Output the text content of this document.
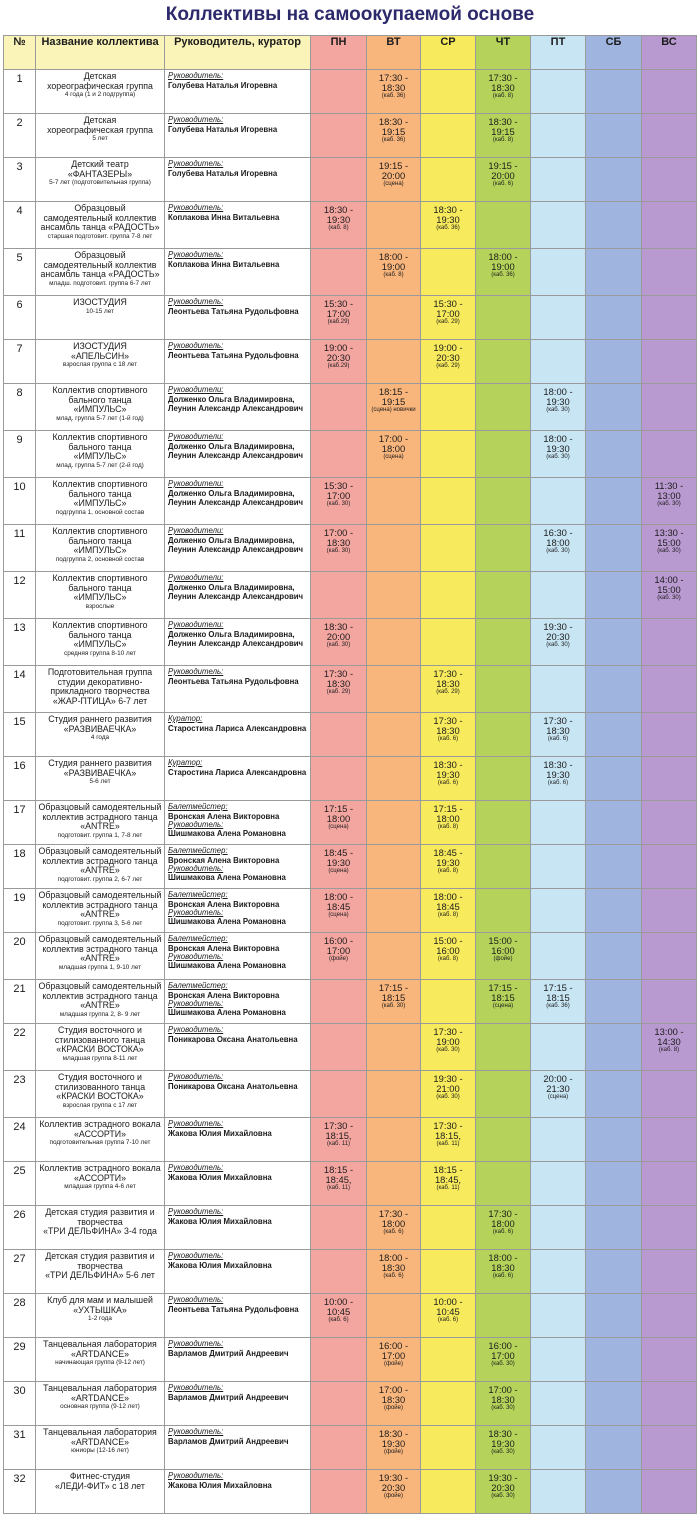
Коллективы на самоокупаемой основе
№	Название коллектива	Руководитель, куратор	ПН	ВТ	СР	ЧТ	ПТ	СБ	ВС
1	Детская
хореографическая группа
4 года (1 и 2 подгруппа)	Руководитель:
Голубева Наталья Игоревна		17:30 -
18:30
(каб. 36)		17:30 -
18:30
(каб. 8)			

2	Детская
хореографическая группа
5 лет	Руководитель:
Голубева Наталья Игоревна		18:30 -
19:15
(каб. 36)		18:30 -
19:15
(каб. 8)			

3	Детский театр
«ФАНТАЗЕРЫ»
5-7 лет (подготовительная группа)	Руководитель:
Голубева Наталья Игоревна		19:15 -
20:00
(сцена)		19:15 -
20:00
(каб. 6)			

4	Образцовый
самодеятельный коллектив
ансамбль танца «РАДОСТЬ»
старшая подготовит. группа 7-8 лет	Руководитель:
Коплакова Инна Витальевна	18:30 -
19:30
(каб. 8)		18:30 -
19:30
(каб. 36)				

5	Образцовый
самодеятельный коллектив
ансамбль танца «РАДОСТЬ»
младш. подготовит. группа 6-7 лет	Руководитель:
Коплакова Инна Витальевна		18:00 -
19:00
(каб. 8)		18:00 -
19:00
(каб. 36)			

6	ИЗОСТУДИЯ
10-15 лет	Руководитель:
Леонтьева Татьяна Рудольфовна	15:30 -
17:00
(каб.29)		15:30 -
17:00
(каб. 29)				

7	ИЗОСТУДИЯ
«АПЕЛЬСИН»
взрослая группа с 18 лет	Руководитель:
Леонтьева Татьяна Рудольфовна	19:00 -
20:30
(каб.29)		19:00 -
20:30
(каб. 29)				

8	Коллектив спортивного
бального танца
«ИМПУЛЬС»
млад. группа 5-7 лет (1-й год)	Руководители:
Долженко Ольга Владимировна, Леунин Александр Александрович		18:15 -
19:15
(сцена) новички			18:00 -
19:30
(каб. 30)		

9	Коллектив спортивного
бального танца
«ИМПУЛЬС»
млад. группа 5-7 лет (2-й год)	Руководители:
Долженко Ольга Владимировна, Леунин Александр Александрович		17:00 -
18:00
(сцена)			18:00 -
19:30
(каб. 30)		

10	Коллектив спортивного
бального танца
«ИМПУЛЬС»
подгруппа 1, основной состав	Руководители:
Долженко Ольга Владимировна, Леунин Александр Александрович	15:30 -
17:00
(каб. 30)						11:30 -
13:00
(каб. 30)

11	Коллектив спортивного
бального танца
«ИМПУЛЬС»
подгруппа 2, основной состав	Руководители:
Долженко Ольга Владимировна, Леунин Александр Александрович	17:00 -
18:30
(каб. 30)				16:30 -
18:00
(каб. 30)		13:30 -
15:00
(каб. 30)

12	Коллектив спортивного
бального танца
«ИМПУЛЬС»
взрослые	Руководители:
Долженко Ольга Владимировна, Леунин Александр Александрович							14:00 -
15:00
(каб. 30)

13	Коллектив спортивного
бального танца
«ИМПУЛЬС»
средняя группа 8-10 лет	Руководители:
Долженко Ольга Владимировна, Леунин Александр Александрович	18:30 -
20:00
(каб. 30)				19:30 -
20:30
(каб. 30)		

14	Подготовительная группа
студии декоративно-
прикладного творчества
«ЖАР-ПТИЦА» 6-7 лет	Руководитель:
Леонтьева Татьяна Рудольфовна	17:30 -
18:30
(каб. 29)		17:30 -
18:30
(каб. 29)				

15	Студия раннего развития
«РАЗВИВАЕЧКА»
4 года	Куратор:
Старостина Лариса Александровна			17:30 -
18:30
(каб. 6)		17:30 -
18:30
(каб. 6)		

16	Студия раннего развития
«РАЗВИВАЕЧКА»
5-6 лет	Куратор:
Старостина Лариса Александровна			18:30 -
19:30
(каб. 6)		18:30 -
19:30
(каб. 6)		

17	Образцовый самодеятельный
коллектив эстрадного танца
«ANTRE»
подготовит. группа 1, 7-8 лет	Балетмейстер:
Вронская Алена Викторовна
Руководитель:
Шишмакова Алена Романовна	17:15 -
18:00
(сцена)		17:15 -
18:00
(каб. 8)				

18	Образцовый самодеятельный
коллектив эстрадного танца
«ANTRE»
подготовит. группа 2, 6-7 лет	Балетмейстер:
Вронская Алена Викторовна
Руководитель:
Шишмакова Алена Романовна	18:45 -
19:30
(сцена)		18:45 -
19:30
(каб. 8)				

19	Образцовый самодеятельный
коллектив эстрадного танца
«ANTRE»
подготовит. группа 3, 5-6 лет	Балетмейстер:
Вронская Алена Викторовна
Руководитель:
Шишмакова Алена Романовна	18:00 -
18:45
(сцена)		18:00 -
18:45
(каб. 8)				

20	Образцовый самодеятельный
коллектив эстрадного танца
«ANTRE»
младшая группа 1, 9-10 лет	Балетмейстер:
Вронская Алена Викторовна
Руководитель:
Шишмакова Алена Романовна	16:00 -
17:00
(фойе)		15:00 -
16:00
(каб. 8)	15:00 -
16:00
(фойе)			

21	Образцовый самодеятельный
коллектив эстрадного танца
«ANTRE»
младшая группа 2, 8- 9 лет	Балетмейстер:
Вронская Алена Викторовна
Руководитель:
Шишмакова Алена Романовна		17:15 -
18:15
(каб. 30)		17:15 -
18:15
(сцена)	17:15 -
18:15
(каб. 36)		

22	Студия восточного и
стилизованного танца
«КРАСКИ ВОСТОКА»
младшая группа 8-11 лет	Руководитель:
Поникарова Оксана Анатольевна			17:30 -
19:00
(каб. 30)				13:00 -
14:30
(каб. 8)

23	Студия восточного и
стилизованного танца
«КРАСКИ ВОСТОКА»
взрослая группа с 17 лет	Руководитель:
Поникарова Оксана Анатольевна			19:30 -
21:00
(каб. 30)		20:00 -
21:30
(сцена)		

24	Коллектив эстрадного вокала
«АССОРТИ»
подготовительная группа 7-10 лет	Руководитель:
Жакова Юлия Михайловна	17:30 -
18:15,
(каб. 11)		17:30 -
18:15,
(каб. 11)				

25	Коллектив эстрадного вокала
«АССОРТИ»
младшая группа 4-6 лет	Руководитель:
Жакова Юлия Михайловна	18:15 -
18:45,
(каб. 11)		18:15 -
18:45,
(каб. 11)				

26	Детская студия развития и
творчества
«ТРИ ДЕЛЬФИНА» 3-4 года	Руководитель:
Жакова Юлия Михайловна		17:30 -
18:00
(каб. 6)		17:30 -
18:00
(каб. 6)			

27	Детская студия развития и
творчества
«ТРИ ДЕЛЬФИНА» 5-6 лет	Руководитель:
Жакова Юлия Михайловна		18:00 -
18:30
(каб. 6)		18:00 -
18:30
(каб. 6)			

28	Клуб для мам и малышей
«УХТЫШКА»
1-2 года	Руководитель:
Леонтьева Татьяна Рудольфовна	10:00 -
10:45
(каб. 6)		10:00 -
10:45
(каб. 6)				

29	Танцевальная лаборатория
«ARTDANCE»
начинающая группа (9-12 лет)	Руководитель:
Варламов Дмитрий Андреевич		16:00 -
17:00
(фойе)		16:00 -
17:00
(каб. 30)			

30	Танцевальная лаборатория
«ARTDANCE»
основная группа (9-12 лет)	Руководитель:
Варламов Дмитрий Андреевич		17:00 -
18:30
(фойе)		17:00 -
18:30
(каб. 30)			

31	Танцевальная лаборатория
«ARTDANCE»
юниоры (12-16 лет)	Руководитель:
Варламов Дмитрий Андреевич		18:30 -
19:30
(фойе)		18:30 -
19:30
(каб. 30)			

32	Фитнес-студия
«ЛЕДИ-ФИТ» с 18 лет	Руководитель:
Жакова Юлия Михайловна		19:30 -
20:30
(фойе)		19:30 -
20:30
(каб. 30)			
